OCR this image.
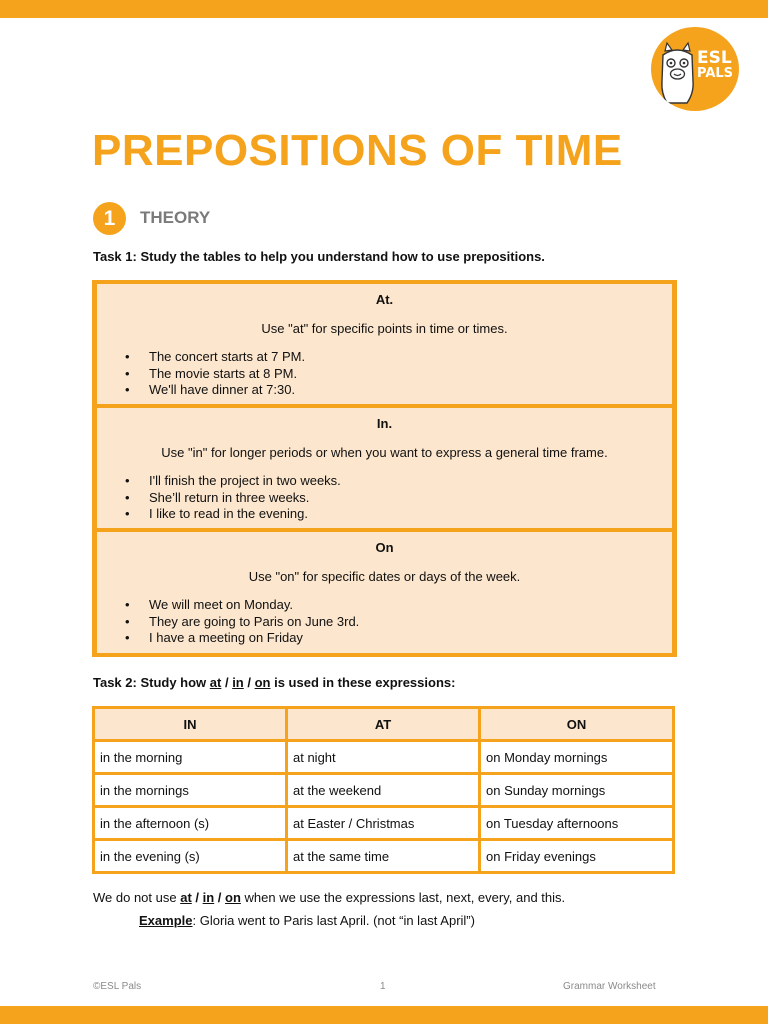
ESL
PALS
PREPOSITIONS OF TIME
1	THEORY
Task 1: Study the tables to help you understand how to use prepositions.
At.
Use "at" for specific points in time or times.
• The concert starts at 7 PM.
• The movie starts at 8 PM.
• We'll have dinner at 7:30.
In.
Use "in" for longer periods or when you want to express a general time frame.
• I'll finish the project in two weeks.
• She’ll return in three weeks.
• I like to read in the evening.
On
Use "on" for specific dates or days of the week.
• We will meet on Monday.
• They are going to Paris on June 3rd.
• I have a meeting on Friday
Task 2: Study how at / in / on is used in these expressions:
IN	AT	ON
in the morning	at night	on Monday mornings
in the mornings	at the weekend	on Sunday mornings
in the afternoon (s)	at Easter / Christmas	on Tuesday afternoons
in the evening (s)	at the same time	on Friday evenings
We do not use at / in / on when we use the expressions last, next, every, and this.
Example: Gloria went to Paris last April. (not “in last April”)
©ESL Pals	1	Grammar Worksheet
